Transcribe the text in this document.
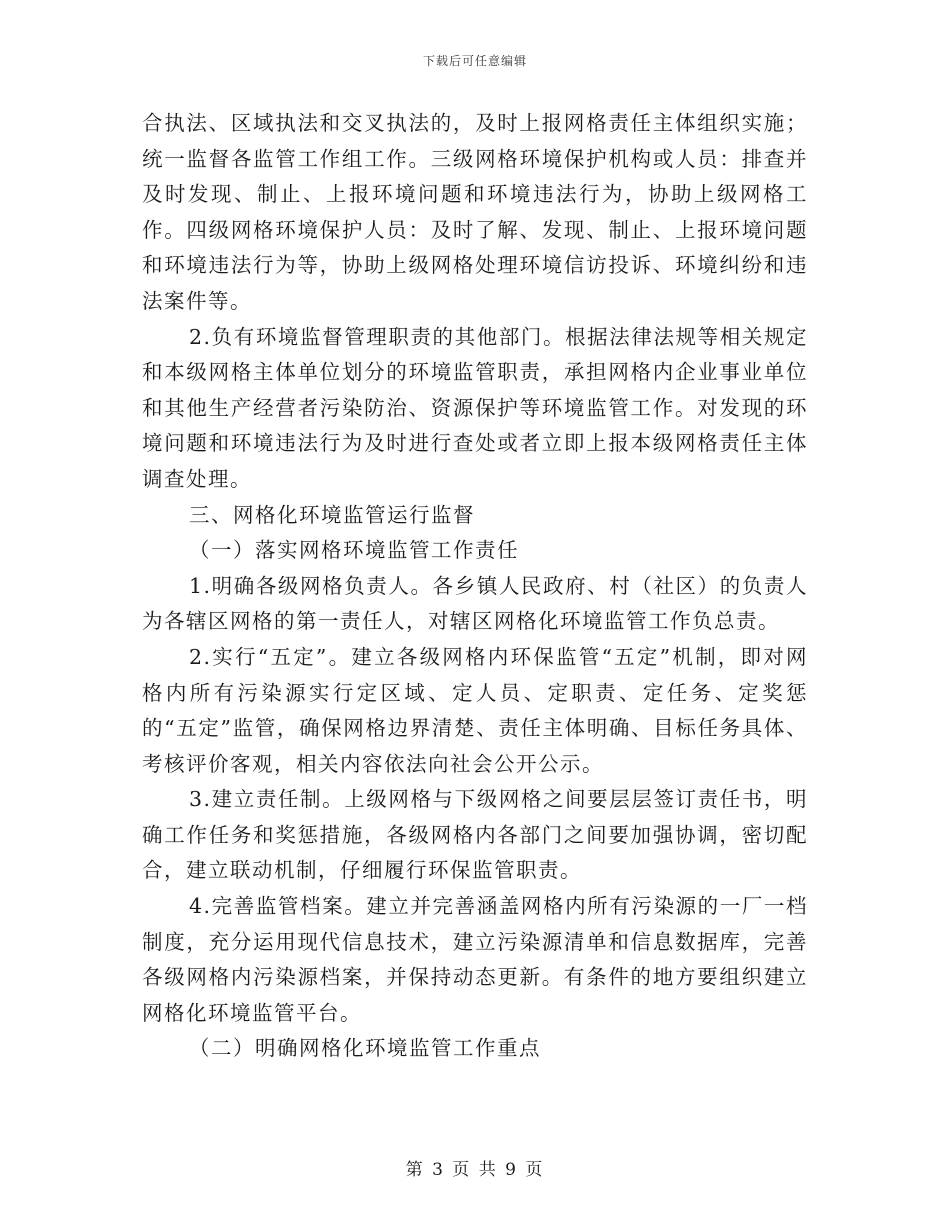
下载后可任意编辑

合执法、区域执法和交叉执法的，及时上报网格责任主体组织实施；统一监督各监管工作组工作。三级网格环境保护机构或人员：排查并及时发现、制止、上报环境问题和环境违法行为，协助上级网格工作。四级网格环境保护人员：及时了解、发现、制止、上报环境问题和环境违法行为等，协助上级网格处理环境信访投诉、环境纠纷和违法案件等。

2.负有环境监督管理职责的其他部门。根据法律法规等相关规定和本级网格主体单位划分的环境监管职责，承担网格内企业事业单位和其他生产经营者污染防治、资源保护等环境监管工作。对发现的环境问题和环境违法行为及时进行查处或者立即上报本级网格责任主体调查处理。

三、网格化环境监管运行监督

（一）落实网格环境监管工作责任

1.明确各级网格负责人。各乡镇人民政府、村（社区）的负责人为各辖区网格的第一责任人，对辖区网格化环境监管工作负总责。

2.实行“五定”。建立各级网格内环保监管“五定”机制，即对网格内所有污染源实行定区域、定人员、定职责、定任务、定奖惩的“五定”监管，确保网格边界清楚、责任主体明确、目标任务具体、考核评价客观，相关内容依法向社会公开公示。

3.建立责任制。上级网格与下级网格之间要层层签订责任书，明确工作任务和奖惩措施，各级网格内各部门之间要加强协调，密切配合，建立联动机制，仔细履行环保监管职责。

4.完善监管档案。建立并完善涵盖网格内所有污染源的一厂一档制度，充分运用现代信息技术，建立污染源清单和信息数据库，完善各级网格内污染源档案，并保持动态更新。有条件的地方要组织建立网格化环境监管平台。

（二）明确网格化环境监管工作重点

第 3 页 共 9 页
